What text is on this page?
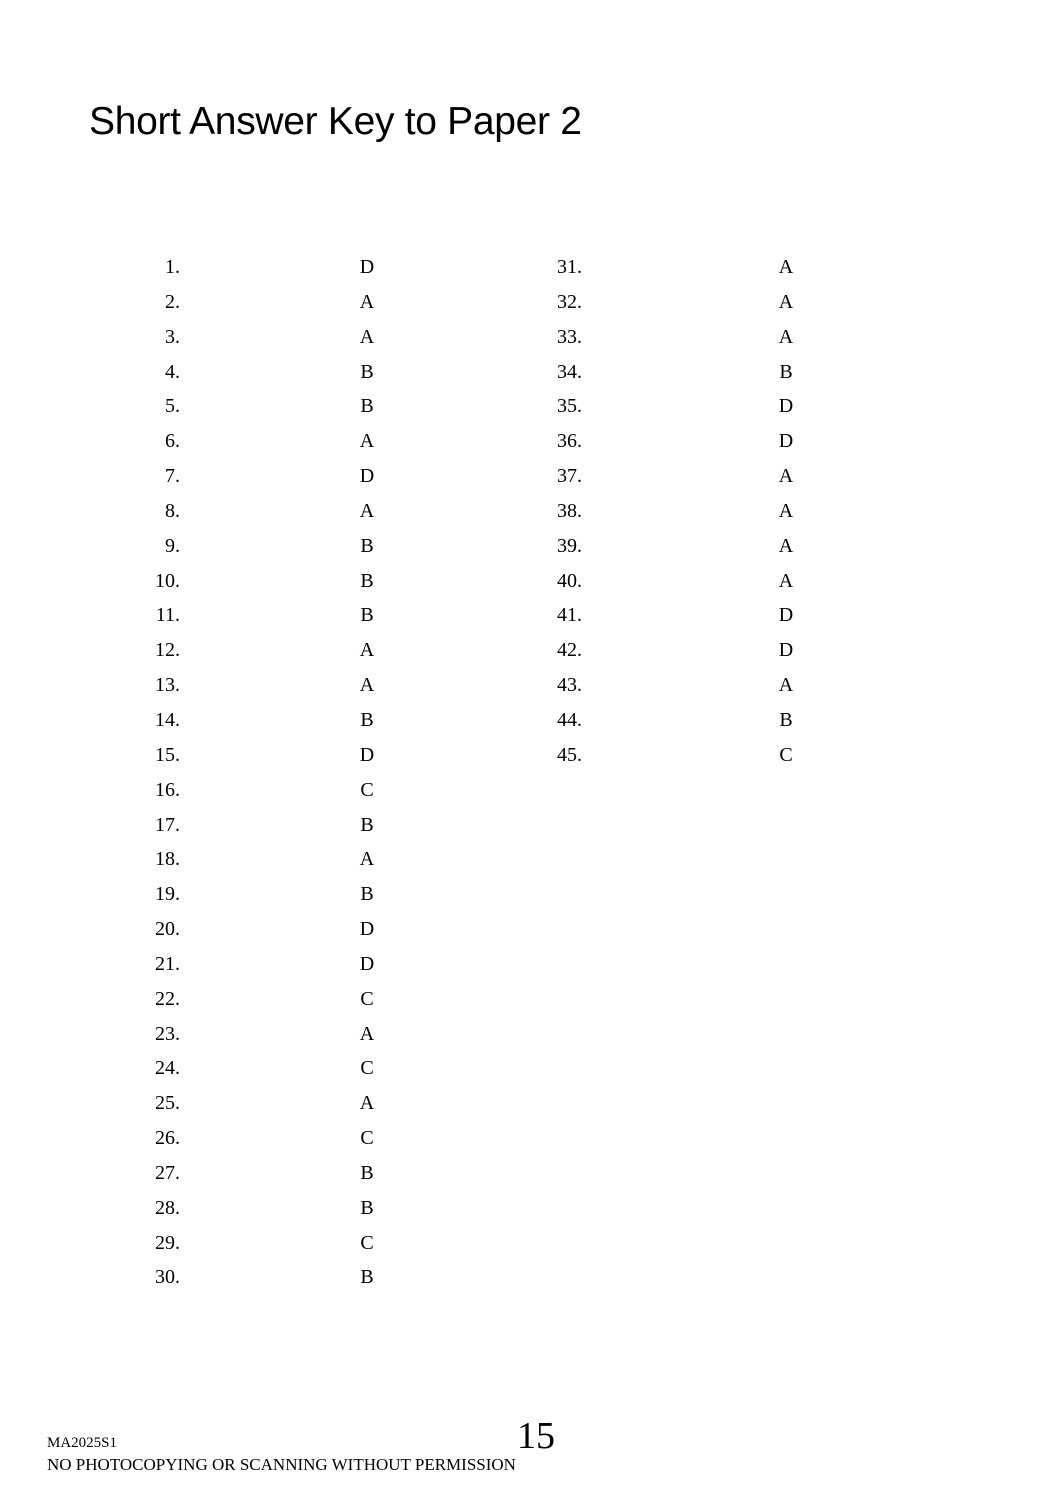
Short Answer Key to Paper 2
1.	D
2.	A
3.	A
4.	B
5.	B
6.	A
7.	D
8.	A
9.	B
10.	B
11.	B
12.	A
13.	A
14.	B
15.	D
16.	C
17.	B
18.	A
19.	B
20.	D
21.	D
22.	C
23.	A
24.	C
25.	A
26.	C
27.	B
28.	B
29.	C
30.	B
31.	A
32.	A
33.	A
34.	B
35.	D
36.	D
37.	A
38.	A
39.	A
40.	A
41.	D
42.	D
43.	A
44.	B
45.	C
15
MA2025S1
NO PHOTOCOPYING OR SCANNING WITHOUT PERMISSION
